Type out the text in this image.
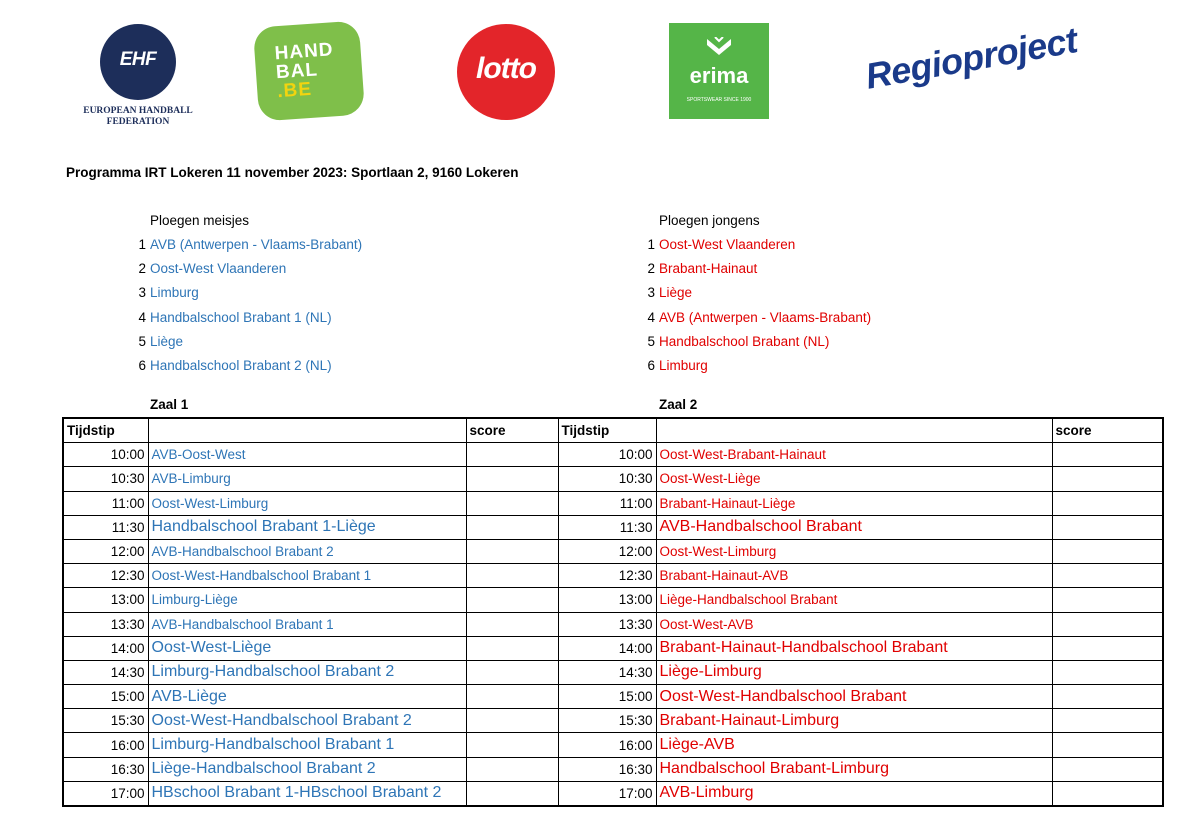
EHF
EUROPEAN HANDBALL FEDERATION
HAND
BAL
.BE
lotto	erima
SPORTSWEAR SINCE 1900
Regioproject
Programma IRT Lokeren 11 november 2023: Sportlaan 2, 9160 Lokeren
Ploegen meisjes
1 AVB (Antwerpen - Vlaams-Brabant)
2 Oost-West Vlaanderen
3 Limburg
4 Handbalschool Brabant 1 (NL)
5 Liège
6 Handbalschool Brabant 2 (NL)
Ploegen jongens
1 Oost-West Vlaanderen
2 Brabant-Hainaut
3 Liège
4 AVB (Antwerpen - Vlaams-Brabant)
5 Handbalschool Brabant (NL)
6 Limburg
Zaal 1	Zaal 2
Tijdstip		score	Tijdstip		score
10:00	AVB-Oost-West		10:00	Oost-West-Brabant-Hainaut	
10:30	AVB-Limburg		10:30	Oost-West-Liège	
11:00	Oost-West-Limburg		11:00	Brabant-Hainaut-Liège	
11:30	Handbalschool Brabant 1-Liège		11:30	AVB-Handbalschool Brabant	
12:00	AVB-Handbalschool Brabant 2		12:00	Oost-West-Limburg	
12:30	Oost-West-Handbalschool Brabant 1		12:30	Brabant-Hainaut-AVB	
13:00	Limburg-Liège		13:00	Liège-Handbalschool Brabant	
13:30	AVB-Handbalschool Brabant 1		13:30	Oost-West-AVB	
14:00	Oost-West-Liège		14:00	Brabant-Hainaut-Handbalschool Brabant	
14:30	Limburg-Handbalschool Brabant 2		14:30	Liège-Limburg	
15:00	AVB-Liège		15:00	Oost-West-Handbalschool Brabant	
15:30	Oost-West-Handbalschool Brabant 2		15:30	Brabant-Hainaut-Limburg	
16:00	Limburg-Handbalschool Brabant 1		16:00	Liège-AVB	
16:30	Liège-Handbalschool Brabant 2		16:30	Handbalschool Brabant-Limburg	
17:00	HBschool Brabant 1-HBschool Brabant 2		17:00	AVB-Limburg	
